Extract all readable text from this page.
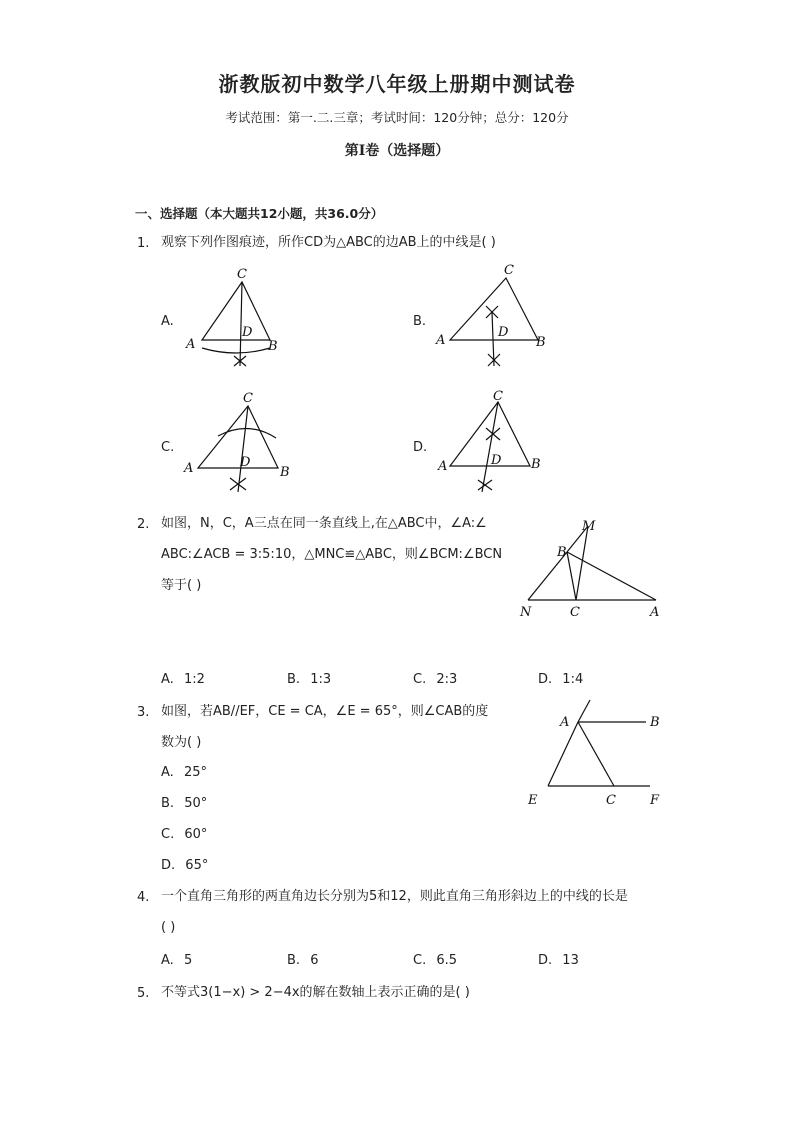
浙教版初中数学八年级上册期中测试卷
考试范围：第一.二.三章；考试时间：120分钟；总分：120分
第Ⅰ卷（选择题）
一、选择题（本大题共12小题，共36.0分）
1. 观察下列作图痕迹，所作CD为△ABC的边AB上的中线是( )
A.
C
A	B
D
B.
C
A	B
D
C.
C
A	B
D
D.
C
A	B
D
2. 如图，N，C，A三点在同一条直线上,在△ABC中，∠A:∠
ABC:∠ACB = 3:5:10，△MNC≌△ABC，则∠BCM:∠BCN
等于( )
M
B
N	C	A
A. 1:2	B. 1:3	C. 2:3	D. 1:4
3. 如图，若AB//EF，CE = CA，∠E = 65°，则∠CAB的度
数为( )
A. 25°
B. 50°
C. 60°
D. 65°
A	B
E	C	F
4. 一个直角三角形的两直角边长分别为5和12，则此直角三角形斜边上的中线的长是
( )
A. 5	B. 6	C. 6.5	D. 13
5. 不等式3(1−x) > 2−4x的解在数轴上表示正确的是( )
